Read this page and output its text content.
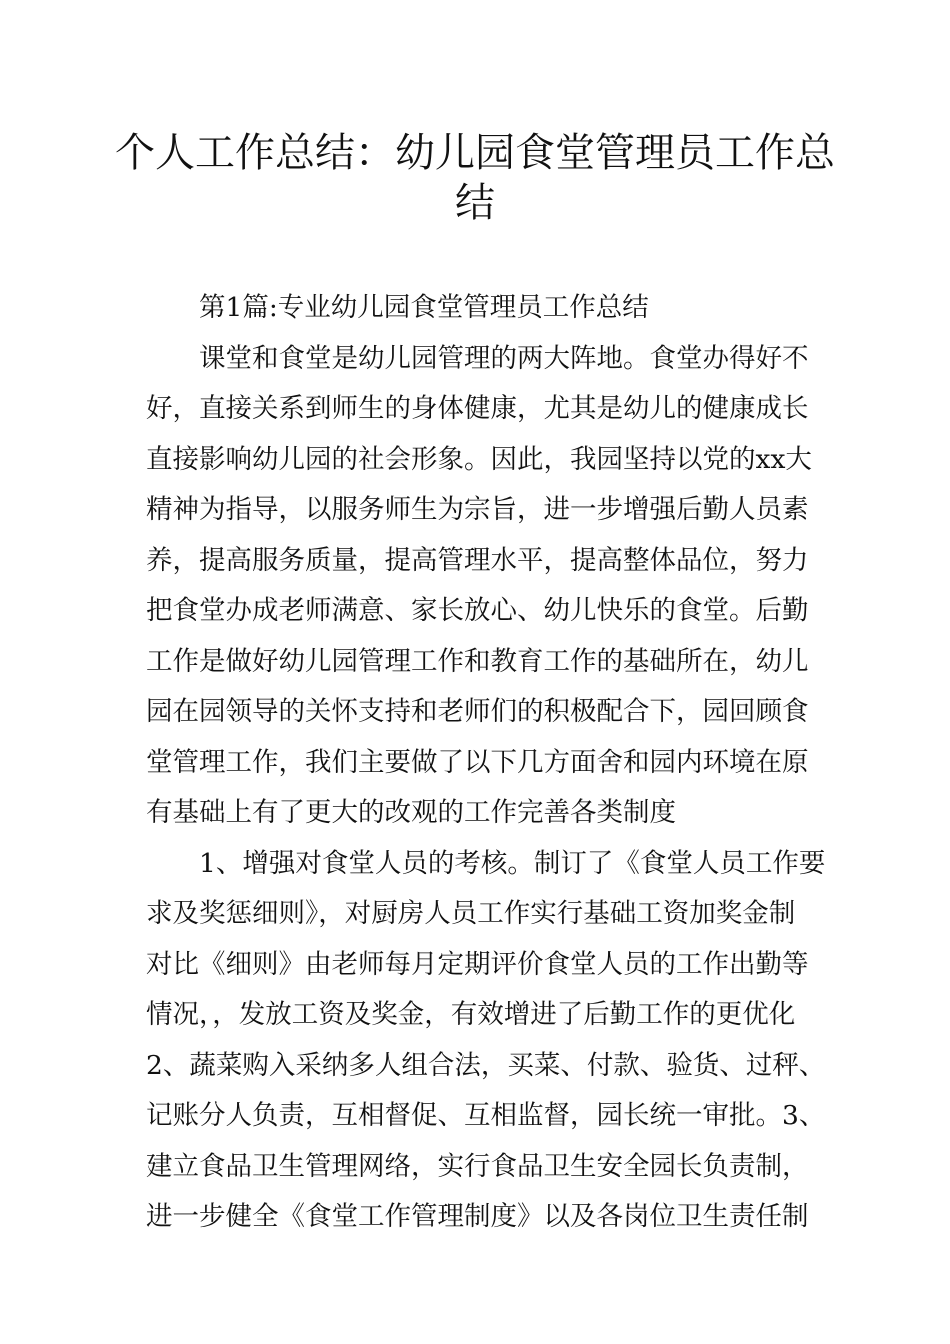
个人工作总结：幼儿园食堂管理员工作总
结

第1篇:专业幼儿园食堂管理员工作总结

课堂和食堂是幼儿园管理的两大阵地。食堂办得好不
好，直接关系到师生的身体健康，尤其是幼儿的健康成长
直接影响幼儿园的社会形象。因此，我园坚持以党的xx大
精神为指导，以服务师生为宗旨，进一步增强后勤人员素
养，提高服务质量，提高管理水平，提高整体品位，努力
把食堂办成老师满意、家长放心、幼儿快乐的食堂。后勤
工作是做好幼儿园管理工作和教育工作的基础所在，幼儿
园在园领导的关怀支持和老师们的积极配合下，园回顾食
堂管理工作，我们主要做了以下几方面舍和园内环境在原
有基础上有了更大的改观的工作完善各类制度

1、增强对食堂人员的考核。制订了《食堂人员工作要
求及奖惩细则》，对厨房人员工作实行基础工资加奖金制
对比《细则》由老师每月定期评价食堂人员的工作出勤等
情况，，发放工资及奖金，有效增进了后勤工作的更优化
2、蔬菜购入采纳多人组合法，买菜、付款、验货、过秤、
记账分人负责，互相督促、互相监督，园长统一审批。3、
建立食品卫生管理网络，实行食品卫生安全园长负责制，
进一步健全《食堂工作管理制度》以及各岗位卫生责任制
